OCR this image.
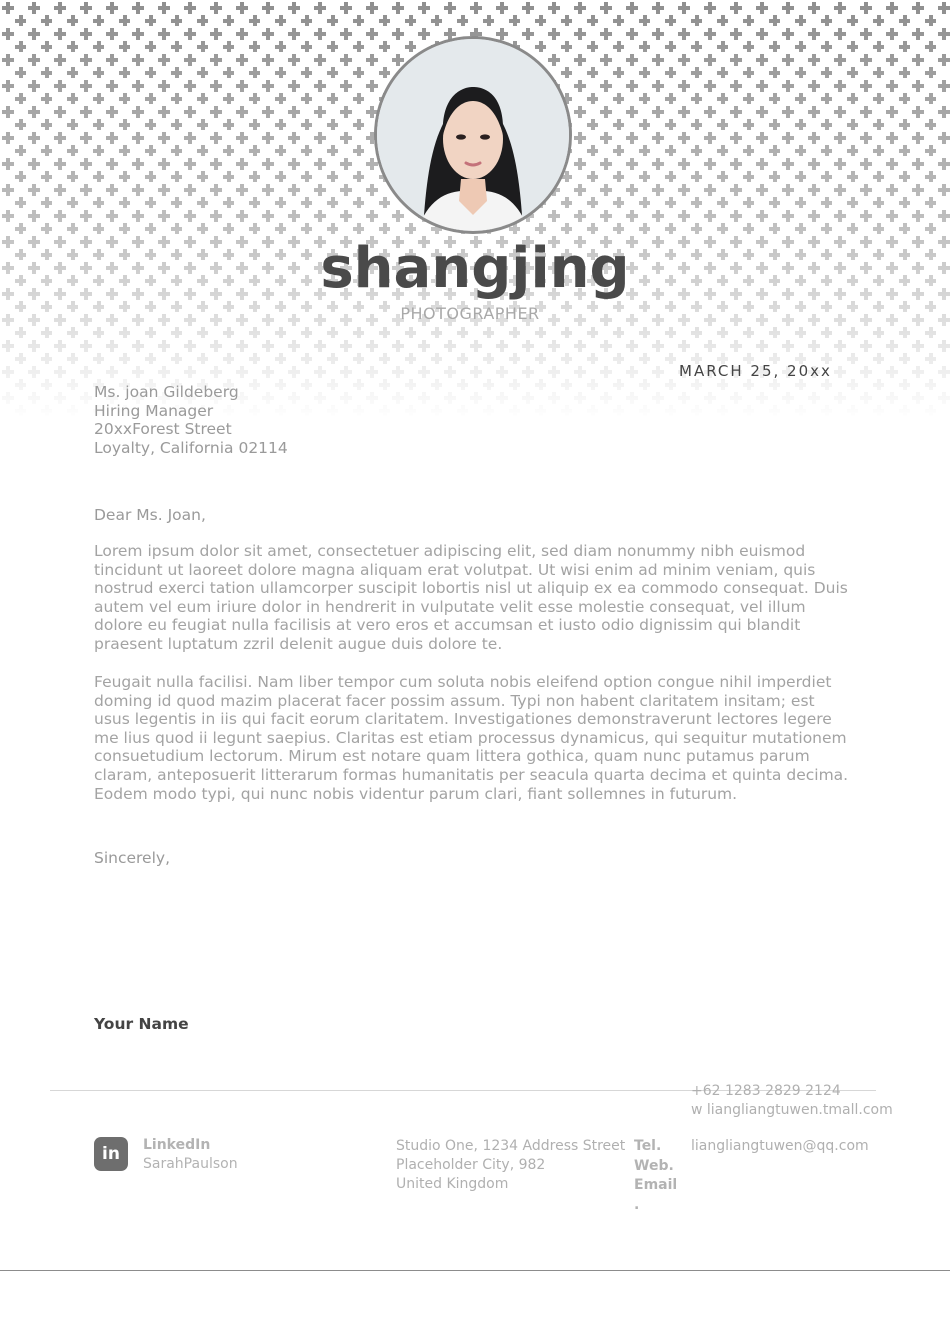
shangjing
PHOTOGRAPHER
MARCH 25, 20xx
Ms. joan Gildeberg
Hiring Manager
20xxForest Street
Loyalty, California 02114
Dear Ms. Joan,

Lorem ipsum dolor sit amet, consectetuer adipiscing elit, sed diam nonummy nibh euismod tincidunt ut laoreet dolore magna aliquam erat volutpat. Ut wisi enim ad minim veniam, quis nostrud exerci tation ullamcorper suscipit lobortis nisl ut aliquip ex ea commodo consequat. Duis autem vel eum iriure dolor in hendrerit in vulputate velit esse molestie consequat, vel illum dolore eu feugiat nulla facilisis at vero eros et accumsan et iusto odio dignissim qui blandit praesent luptatum zzril delenit augue duis dolore te.

Feugait nulla facilisi. Nam liber tempor cum soluta nobis eleifend option congue nihil imperdiet doming id quod mazim placerat facer possim assum. Typi non habent claritatem insitam; est usus legentis in iis qui facit eorum claritatem. Investigationes demonstraverunt lectores legere me lius quod ii legunt saepius. Claritas est etiam processus dynamicus, qui sequitur mutationem consuetudium lectorum. Mirum est notare quam littera gothica, quam nunc putamus parum claram, anteposuerit litterarum formas humanitatis per seacula quarta decima et quinta decima. Eodem modo typi, qui nunc nobis videntur parum clari, fiant sollemnes in futurum.

Sincerely,
Your Name
+62 1283 2829 2124
w liangliangtuwen.tmall.com
in	LinkedIn
SarahPaulson
Studio One, 1234 Address Street
Placeholder City, 982
United Kingdom
Tel.
Web.
Email
.
liangliangtuwen@qq.com
